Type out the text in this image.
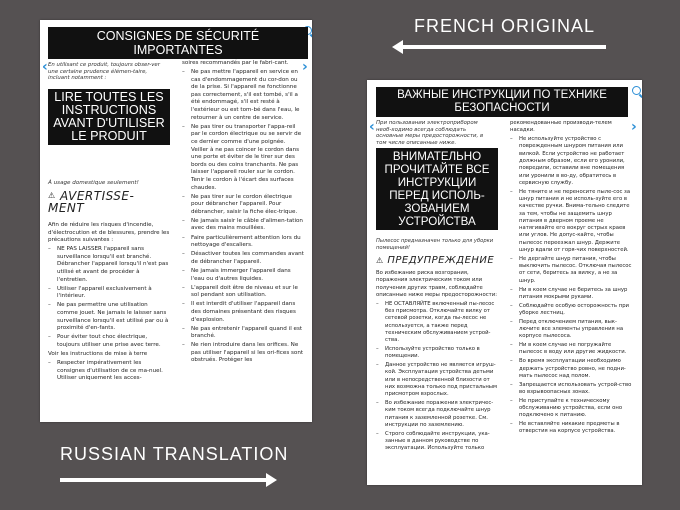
‹	›
CONSIGNES DE SÉCURITÉ IMPORTANTES
En utilisant ce produit, toujours obser-ver une certaine prudence élémen-taire, incluant notamment :
LIRE TOUTES LES INSTRUCTIONS AVANT D'UTILISER LE PRODUIT
À usage domestique seulement!
⚠ AVERTISSE-MENT

Afin de réduire les risques d'incendie, d'électrocution et de blessures, prendre les précautions suivantes :

– NE PAS LAISSER l'appareil sans surveillance lorsqu'il est branché. Débrancher l'appareil lorsqu'il n'est pas utilisé et avant de procéder à l'entretien.
– Utiliser l'appareil exclusivement à l'intérieur.
– Ne pas permettre une utilisation comme jouet. Ne jamais le laisser sans surveillance lorsqu'il est utilisé par ou à proximité d'en-fants.
– Pour éviter tout choc électrique, toujours utiliser une prise avec terre.

Voir les instructions de mise à terre

– Respecter impérativement les consignes d'utilisation de ce ma-nuel. Utiliser uniquement les acces-

soires recommandés par le fabri-cant.

– Ne pas mettre l'appareil en service en cas d'endommagement du cor-don ou de la prise. Si l'appareil ne fonctionne pas correctement, s'il est tombé, s'il a été endommagé, s'il est resté à l'extérieur ou est tom-bé dans l'eau, le retourner à un centre de service.
– Ne pas tirer ou transporter l'appa-reil par le cordon électrique ou se servir de ce dernier comme d'une poignée. Veiller à ne pas coincer le cordon dans une porte et éviter de le tirer sur des bords ou des coins tranchants. Ne pas laisser l'appareil rouler sur le cordon. Tenir le cordon à l'écart des surfaces chaudes.
– Ne pas tirer sur le cordon électrique pour débrancher l'appareil. Pour débrancher, saisir la fiche élec-trique.
– Ne jamais saisir le câble d'alimen-tation avec des mains mouillées.
– Faire particulièrement attention lors du nettoyage d'escaliers.
– Désactiver toutes les commandes avant de débrancher l'appareil.
– Ne jamais immerger l'appareil dans l'eau ou d'autres liquides.
– L'appareil doit être de niveau et sur le sol pendant son utilisation.
– Il est interdit d'utiliser l'appareil dans des domaines présentant des risques d'explosion.
– Ne pas entretenir l'appareil quand il est branché.
– Ne rien introduire dans les orifices. Ne pas utiliser l'appareil si les ori-fices sont obstrués. Protéger les
‹	›
ВАЖНЫЕ ИНСТРУКЦИИ ПО ТЕХНИКЕ БЕЗОПАСНОСТИ
При пользовании электроприбором необ-ходимо всегда соблюдать основные меры предосторожности, в том числе описанные ниже.
ВНИМАТЕЛЬНО ПРОЧИТАЙТЕ ВСЕ ИНСТРУКЦИИ ПЕРЕД ИСПОЛЬ-ЗОВАНИЕМ УСТРОЙСТВА
Пылесос предназначен только для уборки помещений!
⚠ ПРЕДУПРЕЖДЕНИЕ

Во избежание риска возгорания, поражения электрическим током или получения других травм, соблюдайте описанные ниже меры предосторожности:

– НЕ ОСТАВЛЯЙТЕ включенный пы-лесос без присмотра. Отключайте вилку от сетевой розетки, когда пы-лесос не используется, а также перед техническим обслуживанием устрой-ства.
– Используйте устройство только в помещении.
– Данное устройство не является игруш-кой. Эксплуатация устройства детьми или в непосредственной близости от них возможна только под пристальным присмотром взрослых.
– Во избежание поражения электричес-ким током всегда подключайте шнур питания к заземленной розетке. См. инструкции по заземлению.
– Строго соблюдайте инструкции, ука-занные в данном руководстве по эксплуатации. Используйте только

рекомендованные производи-телем насадки.

– Не используйте устройство с поврежденным шнуром питания или вилкой. Если устройство не работает должным образом, если его уронили, повредили, оставили вне помещения или уронили в во-ду, обратитесь в сервисную службу.
– Не тяните и не переносите пыле-сос за шнур питания и не исполь-зуйте его в качестве ручки. Внима-тельно следите за тем, чтобы не защемить шнур питания в дверном проеме не натягивайте его вокруг острых краев или углов. Не допус-кайте, чтобы пылесос переезжал шнур. Держите шнур вдали от горя-чих поверхностей.
– Не дергайте шнур питания, чтобы выключить пылесос. Отключая пылесос от сети, беритесь за вилку, а не за шнур.
– Ни в коем случае не беритесь за шнур питания мокрыми руками.
– Соблюдайте особую осторожность при уборке лестниц.
– Перед отключением питания, вык-лючите все элементы управления на корпусе пылесоса.
– Ни в коем случае не погружайте пылесос в воду или другие жидкости.
– Во время эксплуатации необходимо держать устройство ровно, не подни-мать пылесос над полом.
– Запрещается использовать устрой-ство во взрывоопасных зонах.
– Не приступайте к техническому обслуживанию устройства, если оно подключено к питанию.
– Не вставляйте никакие предметы в отверстия на корпусе устройства.
FRENCH ORIGINAL
RUSSIAN TRANSLATION
